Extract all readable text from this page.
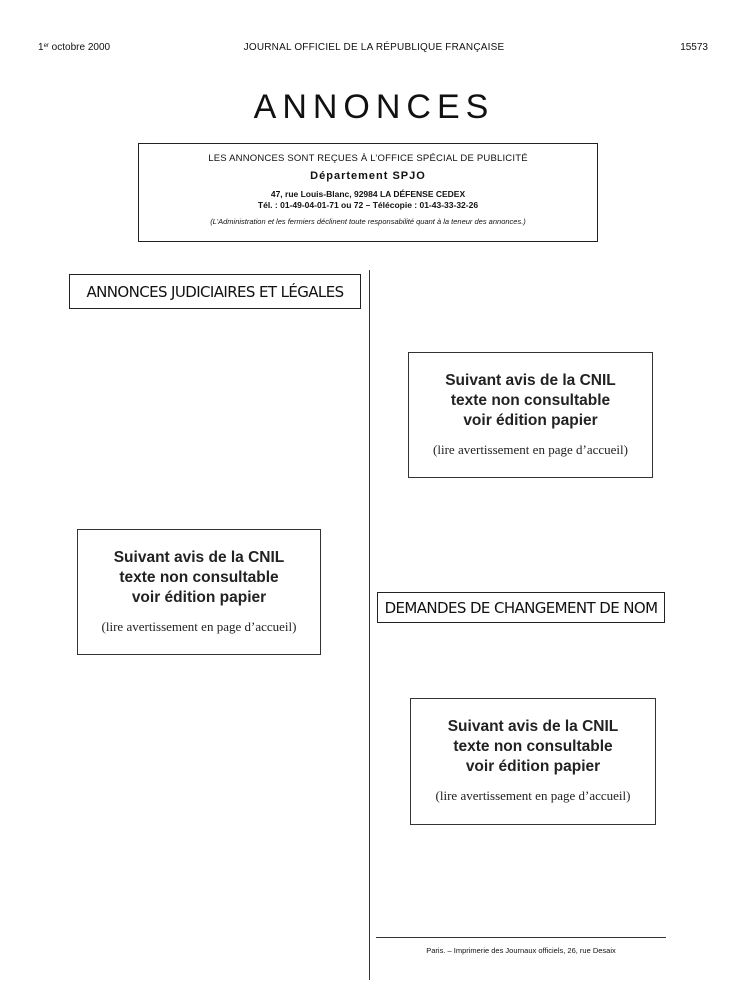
1er octobre 2000	JOURNAL OFFICIEL DE LA RÉPUBLIQUE FRANÇAISE	15573
ANNONCES
LES ANNONCES SONT REÇUES À L’OFFICE SPÉCIAL DE PUBLICITÉ
Département SPJO
47, rue Louis-Blanc, 92984 LA DÉFENSE CEDEX
Tél. : 01-49-04-01-71 ou 72 – Télécopie : 01-43-33-32-26
(L’Administration et les fermiers déclinent toute responsabilité quant à la teneur des annonces.)
ANNONCES JUDICIAIRES ET LÉGALES
Suivant avis de la CNIL
texte non consultable
voir édition papier
(lire avertissement en page d’accueil)
Suivant avis de la CNIL
texte non consultable
voir édition papier
(lire avertissement en page d’accueil)
DEMANDES DE CHANGEMENT DE NOM
Suivant avis de la CNIL
texte non consultable
voir édition papier
(lire avertissement en page d’accueil)
Paris. – Imprimerie des Journaux officiels, 26, rue Desaix
